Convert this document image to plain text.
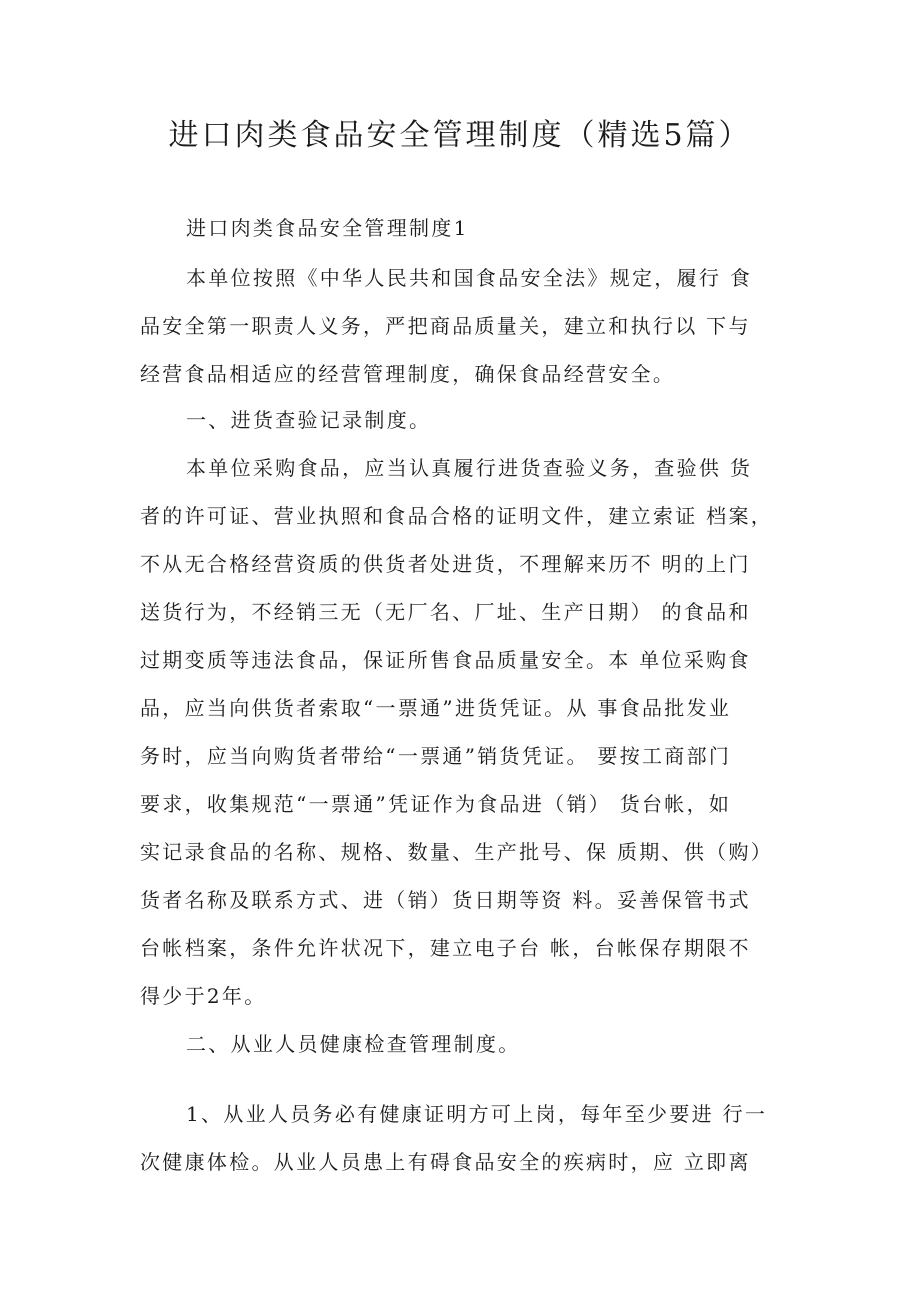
进口肉类食品安全管理制度（精选5篇）
进口肉类食品安全管理制度1
本单位按照《中华人民共和国食品安全法》规定，履行 食
品安全第一职责人义务，严把商品质量关，建立和执行以 下与
经营食品相适应的经营管理制度，确保食品经营安全。
一、进货查验记录制度。
本单位采购食品，应当认真履行进货查验义务，查验供 货
者的许可证、营业执照和食品合格的证明文件，建立索证 档案，
不从无合格经营资质的供货者处进货，不理解来历不 明的上门
送货行为，不经销三无（无厂名、厂址、生产日期） 的食品和
过期变质等违法食品，保证所售食品质量安全。本 单位采购食
品，应当向供货者索取“一票通”进货凭证。从 事食品批发业
务时，应当向购货者带给“一票通”销货凭证。 要按工商部门
要求，收集规范“一票通”凭证作为食品进（销） 货台帐，如
实记录食品的名称、规格、数量、生产批号、保 质期、供（购）
货者名称及联系方式、进（销）货日期等资 料。妥善保管书式
台帐档案，条件允许状况下，建立电子台 帐，台帐保存期限不
得少于2年。
二、从业人员健康检查管理制度。
1、从业人员务必有健康证明方可上岗，每年至少要进 行一
次健康体检。从业人员患上有碍食品安全的疾病时，应 立即离
